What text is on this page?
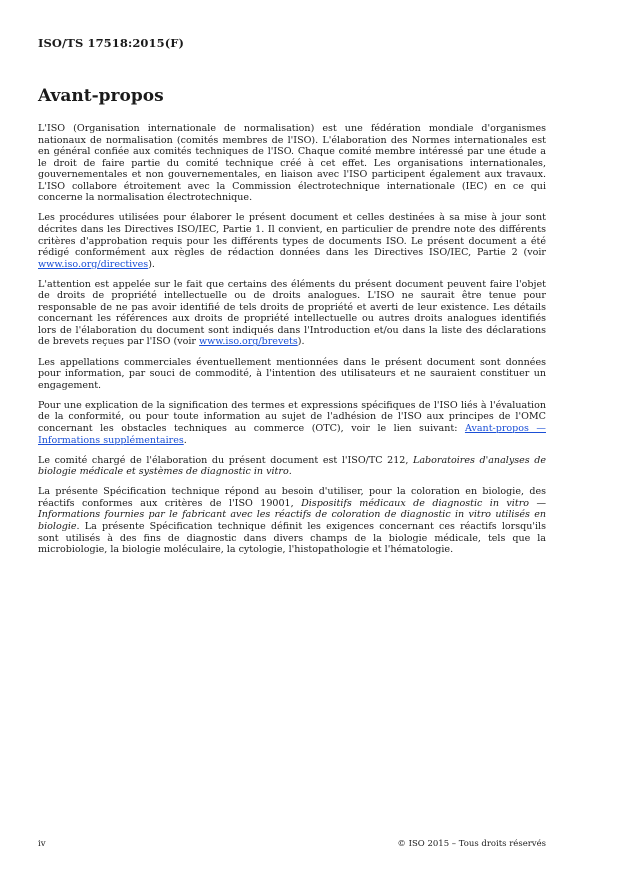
ISO/TS 17518:2015(F)
Avant-propos

L'ISO (Organisation internationale de normalisation) est une fédération mondiale d'organismes nationaux de normalisation (comités membres de l'ISO). L'élaboration des Normes internationales est en général confiée aux comités techniques de l'ISO. Chaque comité membre intéressé par une étude a le droit de faire partie du comité technique créé à cet effet. Les organisations internationales, gouvernementales et non gouvernementales, en liaison avec l'ISO participent également aux travaux. L'ISO collabore étroitement avec la Commission électrotechnique internationale (IEC) en ce qui concerne la normalisation électrotechnique.

Les procédures utilisées pour élaborer le présent document et celles destinées à sa mise à jour sont décrites dans les Directives ISO/IEC, Partie 1. Il convient, en particulier de prendre note des différents critères d'approbation requis pour les différents types de documents ISO. Le présent document a été rédigé conformément aux règles de rédaction données dans les Directives ISO/IEC, Partie 2 (voir www.iso.org/directives).

L'attention est appelée sur le fait que certains des éléments du présent document peuvent faire l'objet de droits de propriété intellectuelle ou de droits analogues. L'ISO ne saurait être tenue pour responsable de ne pas avoir identifié de tels droits de propriété et averti de leur existence. Les détails concernant les références aux droits de propriété intellectuelle ou autres droits analogues identifiés lors de l'élaboration du document sont indiqués dans l'Introduction et/ou dans la liste des déclarations de brevets reçues par l'ISO (voir www.iso.org/brevets).

Les appellations commerciales éventuellement mentionnées dans le présent document sont données pour information, par souci de commodité, à l'intention des utilisateurs et ne sauraient constituer un engagement.

Pour une explication de la signification des termes et expressions spécifiques de l'ISO liés à l'évaluation de la conformité, ou pour toute information au sujet de l'adhésion de l'ISO aux principes de l'OMC concernant les obstacles techniques au commerce (OTC), voir le lien suivant: Avant-propos — Informations supplémentaires.

Le comité chargé de l'élaboration du présent document est l'ISO/TC 212, Laboratoires d'analyses de biologie médicale et systèmes de diagnostic in vitro.

La présente Spécification technique répond au besoin d'utiliser, pour la coloration en biologie, des réactifs conformes aux critères de l'ISO 19001, Dispositifs médicaux de diagnostic in vitro — Informations fournies par le fabricant avec les réactifs de coloration de diagnostic in vitro utilisés en biologie. La présente Spécification technique définit les exigences concernant ces réactifs lorsqu'ils sont utilisés à des fins de diagnostic dans divers champs de la biologie médicale, tels que la microbiologie, la biologie moléculaire, la cytologie, l'histopathologie et l'hématologie.

iv	© ISO 2015 – Tous droits réservés
